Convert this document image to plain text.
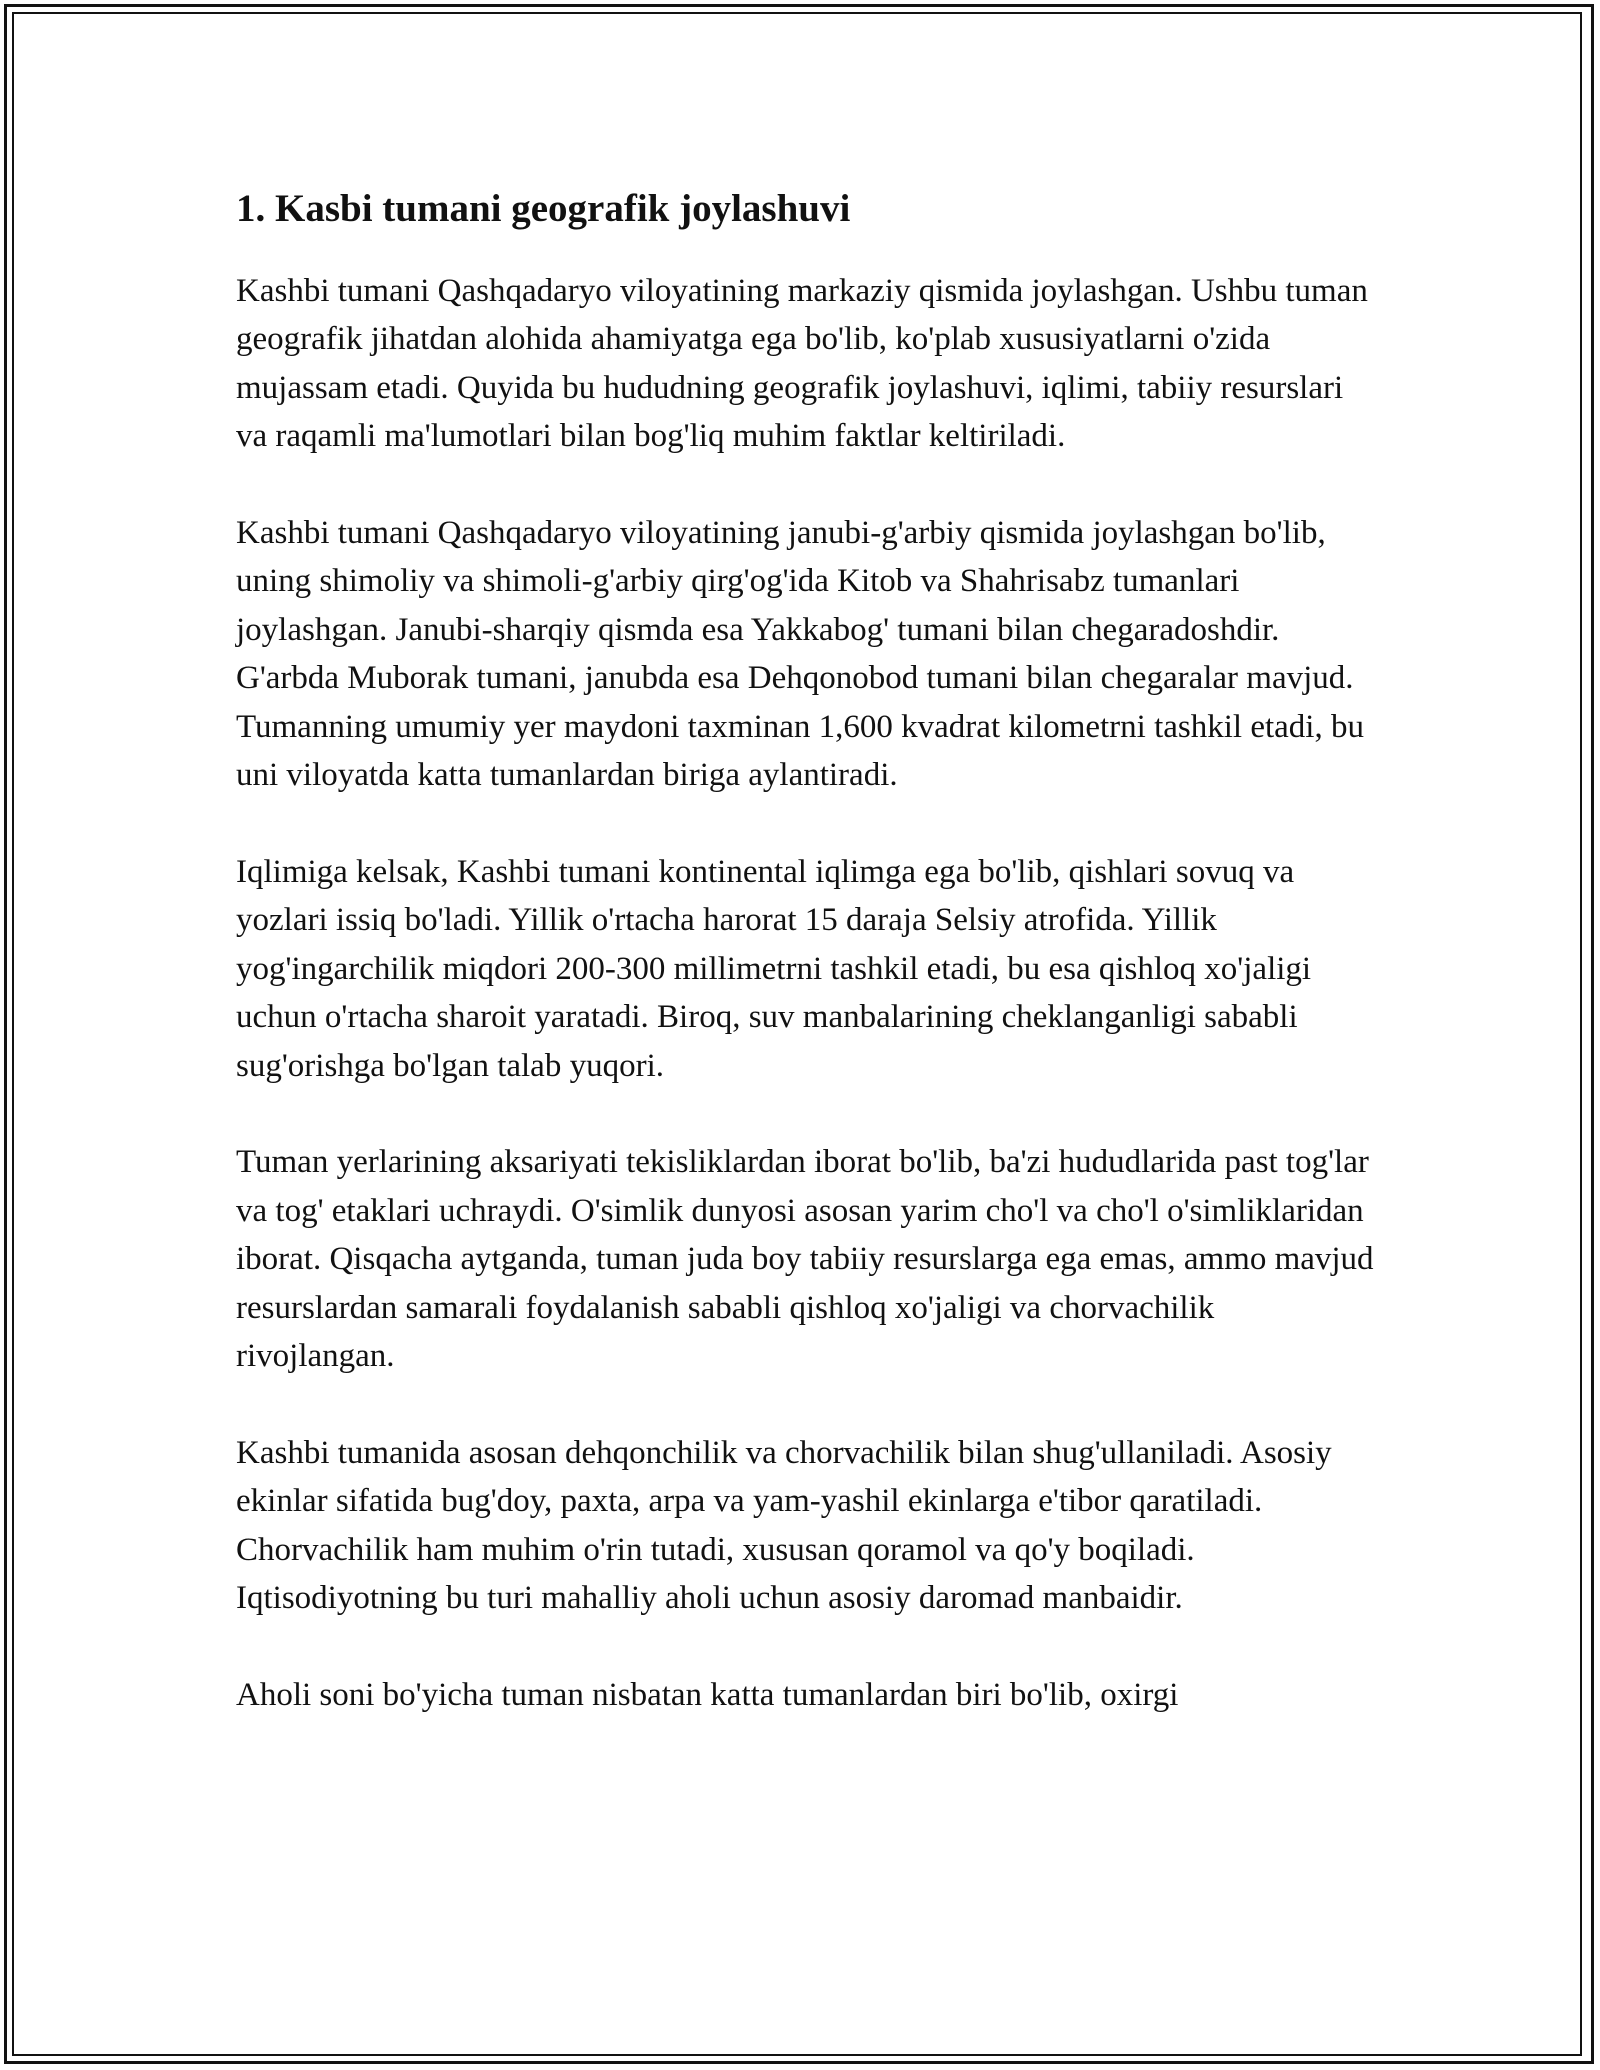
1. Kasbi tumani geografik joylashuvi

Kashbi tumani Qashqadaryo viloyatining markaziy qismida joylashgan. Ushbu tuman geografik jihatdan alohida ahamiyatga ega bo'lib, ko'plab xususiyatlarni o'zida mujassam etadi. Quyida bu hududning geografik joylashuvi, iqlimi, tabiiy resurslari va raqamli ma'lumotlari bilan bog'liq muhim faktlar keltiriladi.

Kashbi tumani Qashqadaryo viloyatining janubi-g'arbiy qismida joylashgan bo'lib, uning shimoliy va shimoli-g'arbiy qirg'og'ida Kitob va Shahrisabz tumanlari joylashgan. Janubi-sharqiy qismda esa Yakkabog' tumani bilan chegaradoshdir. G'arbda Muborak tumani, janubda esa Dehqonobod tumani bilan chegaralar mavjud. Tumanning umumiy yer maydoni taxminan 1,600 kvadrat kilometrni tashkil etadi, bu uni viloyatda katta tumanlardan biriga aylantiradi.

Iqlimiga kelsak, Kashbi tumani kontinental iqlimga ega bo'lib, qishlari sovuq va yozlari issiq bo'ladi. Yillik o'rtacha harorat 15 daraja Selsiy atrofida. Yillik yog'ingarchilik miqdori 200-300 millimetrni tashkil etadi, bu esa qishloq xo'jaligi uchun o'rtacha sharoit yaratadi. Biroq, suv manbalarining cheklanganligi sababli sug'orishga bo'lgan talab yuqori.

Tuman yerlarining aksariyati tekisliklardan iborat bo'lib, ba'zi hududlarida past tog'lar va tog' etaklari uchraydi. O'simlik dunyosi asosan yarim cho'l va cho'l o'simliklaridan iborat. Qisqacha aytganda, tuman juda boy tabiiy resurslarga ega emas, ammo mavjud resurslardan samarali foydalanish sababli qishloq xo'jaligi va chorvachilik rivojlangan.

Kashbi tumanida asosan dehqonchilik va chorvachilik bilan shug'ullaniladi. Asosiy ekinlar sifatida bug'doy, paxta, arpa va yam-yashil ekinlarga e'tibor qaratiladi. Chorvachilik ham muhim o'rin tutadi, xususan qoramol va qo'y boqiladi. Iqtisodiyotning bu turi mahalliy aholi uchun asosiy daromad manbaidir.

Aholi soni bo'yicha tuman nisbatan katta tumanlardan biri bo'lib, oxirgi
